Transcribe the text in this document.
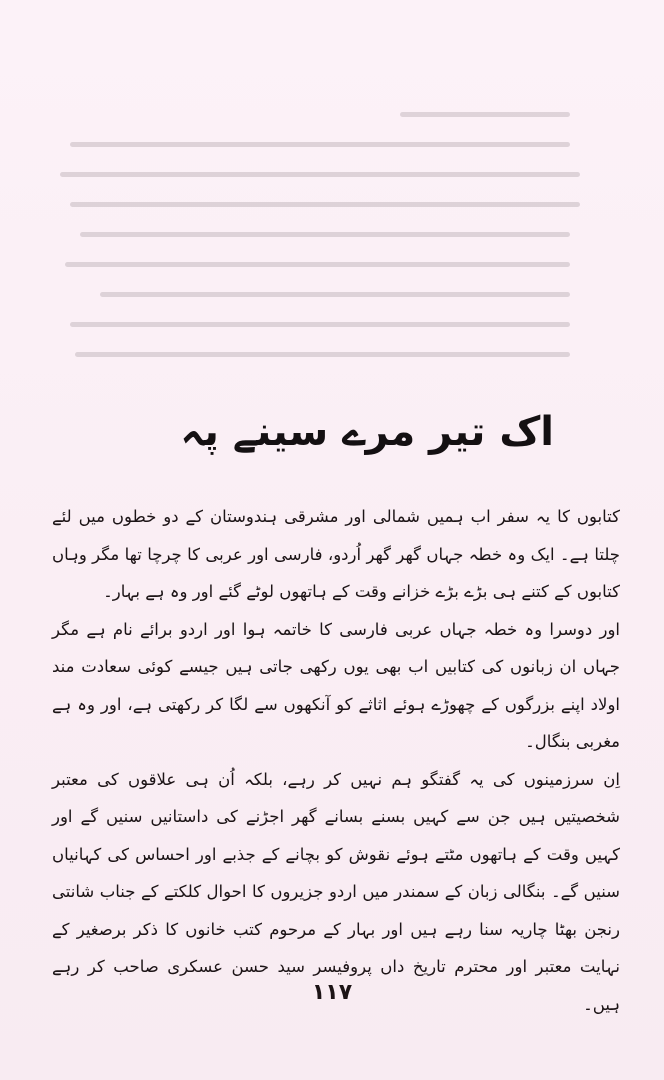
اک تیر مرے سینے پہ

کتابوں کا یہ سفر اب ہمیں شمالی اور مشرقی ہندوستان کے دو خطوں میں لئے چلتا ہے۔ ایک وہ خطہ جہاں گھر گھر اُردو، فارسی اور عربی کا چرچا تھا مگر وہاں کتابوں کے کتنے ہی بڑے بڑے خزانے وقت کے ہاتھوں لوٹے گئے اور وہ ہے بہار۔

اور دوسرا وہ خطہ جہاں عربی فارسی کا خاتمہ ہوا اور اردو برائے نام ہے مگر جہاں ان زبانوں کی کتابیں اب بھی یوں رکھی جاتی ہیں جیسے کوئی سعادت مند اولاد اپنے بزرگوں کے چھوڑے ہوئے اثاثے کو آنکھوں سے لگا کر رکھتی ہے، اور وہ ہے مغربی بنگال۔

اِن سرزمینوں کی یہ گفتگو ہم نہیں کر رہے، بلکہ اُن ہی علاقوں کی معتبر شخصیتیں ہیں جن سے کہیں بسنے بسانے گھر اجڑنے کی داستانیں سنیں گے اور کہیں وقت کے ہاتھوں مٹتے ہوئے نقوش کو بچانے کے جذبے اور احساس کی کہانیاں سنیں گے۔ بنگالی زبان کے سمندر میں اردو جزیروں کا احوال کلکتے کے جناب شانتی رنجن بھٹا چاریہ سنا رہے ہیں اور بہار کے مرحوم کتب خانوں کا ذکر برصغیر کے نہایت معتبر اور محترم تاریخ داں پروفیسر سید حسن عسکری صاحب کر رہے ہیں۔

۱۱۷
